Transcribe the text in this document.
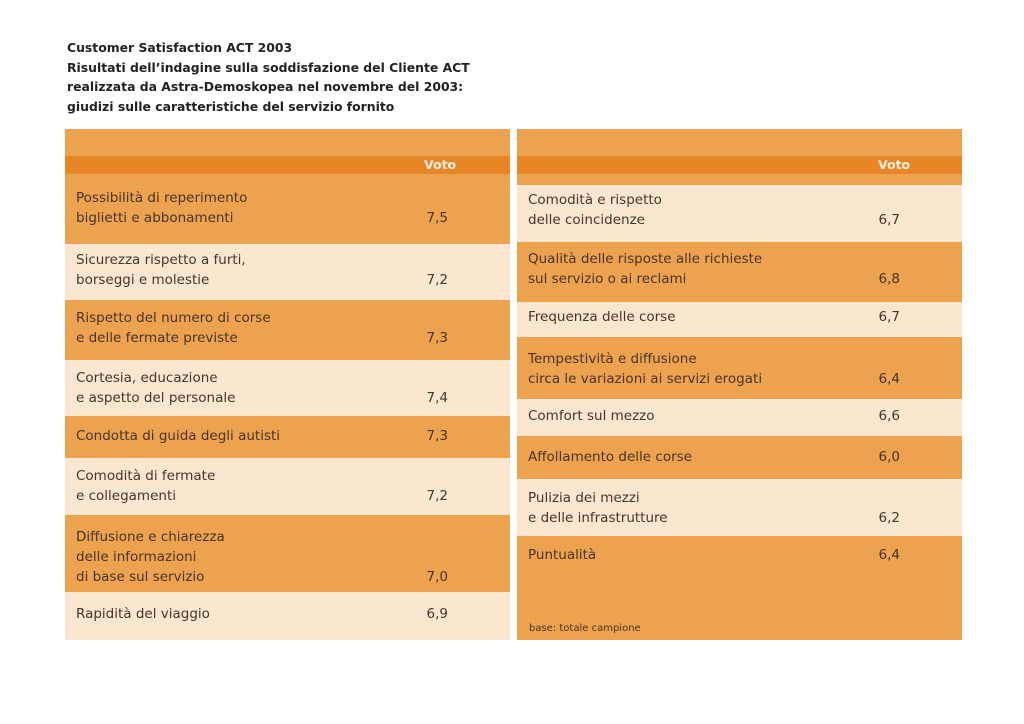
Customer Satisfaction ACT 2003
Risultati dell’indagine sulla soddisfazione del Cliente ACT
realizzata da Astra-Demoskopea nel novembre del 2003:
giudizi sulle caratteristiche del servizio fornito
Voto
Possibilità di reperimento
biglietti e abbonamenti	7,5
Sicurezza rispetto a furti,
borseggi e molestie	7,2
Rispetto del numero di corse
e delle fermate previste	7,3
Cortesia, educazione
e aspetto del personale	7,4
Condotta di guida degli autisti	7,3
Comodità di fermate
e collegamenti	7,2
Diffusione e chiarezza
delle informazioni
di base sul servizio	7,0
Rapidità del viaggio	6,9
Voto
Comodità e rispetto
delle coincidenze	6,7
Qualità delle risposte alle richieste
sul servizio o ai reclami	6,8
Frequenza delle corse	6,7
Tempestività e diffusione
circa le variazioni ai servizi erogati	6,4
Comfort sul mezzo	6,6
Affollamento delle corse	6,0
Pulizia dei mezzi
e delle infrastrutture	6,2
Puntualità	6,4
base: totale campione
